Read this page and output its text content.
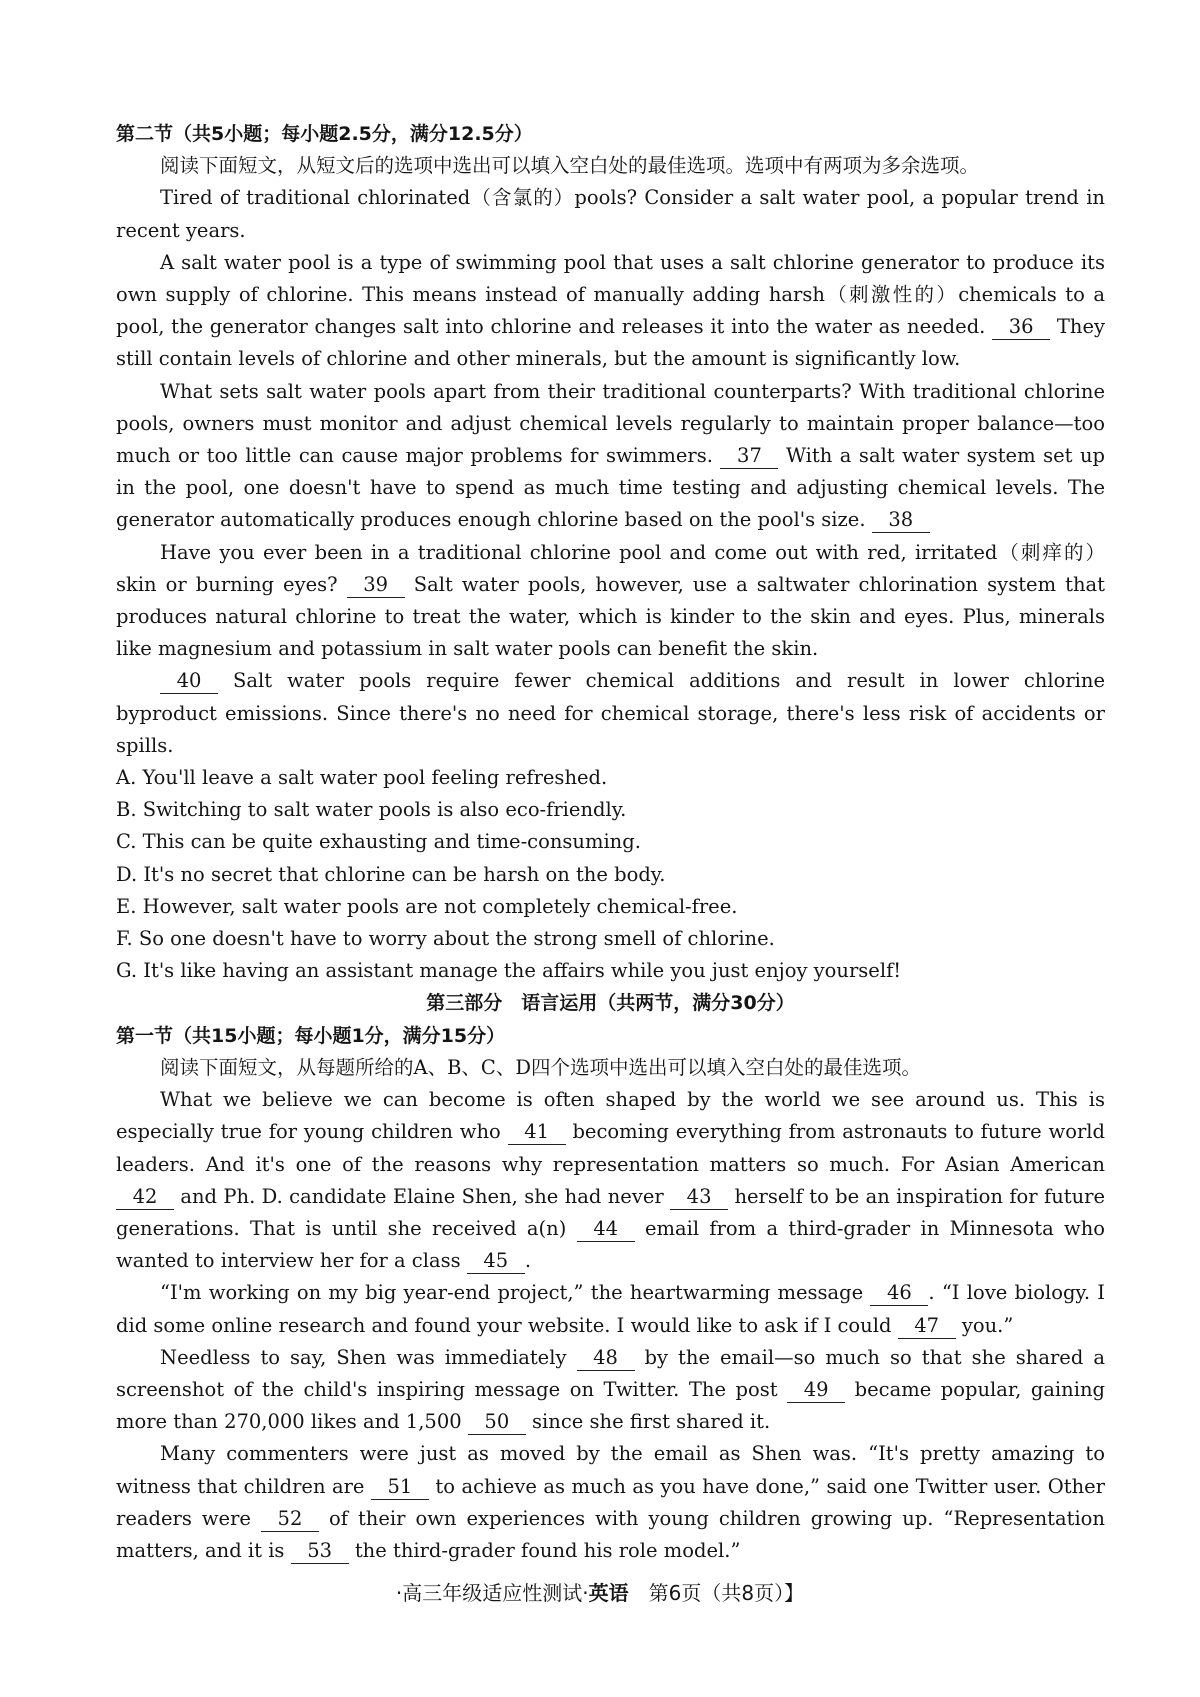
第二节（共5小题；每小题2.5分，满分12.5分）

阅读下面短文，从短文后的选项中选出可以填入空白处的最佳选项。选项中有两项为多余选项。

Tired of traditional chlorinated（含氯的）pools? Consider a salt water pool, a popular trend in recent years.

A salt water pool is a type of swimming pool that uses a salt chlorine generator to produce its own supply of chlorine. This means instead of manually adding harsh（刺激性的）chemicals to a pool, the generator changes salt into chlorine and releases it into the water as needed. 36 They still contain levels of chlorine and other minerals, but the amount is significantly low.

What sets salt water pools apart from their traditional counterparts? With traditional chlorine pools, owners must monitor and adjust chemical levels regularly to maintain proper balance—too much or too little can cause major problems for swimmers. 37 With a salt water system set up in the pool, one doesn't have to spend as much time testing and adjusting chemical levels. The generator automatically produces enough chlorine based on the pool's size. 38

Have you ever been in a traditional chlorine pool and come out with red, irritated（刺痒的）skin or burning eyes? 39 Salt water pools, however, use a saltwater chlorination system that produces natural chlorine to treat the water, which is kinder to the skin and eyes. Plus, minerals like magnesium and potassium in salt water pools can benefit the skin.

40 Salt water pools require fewer chemical additions and result in lower chlorine byproduct emissions. Since there's no need for chemical storage, there's less risk of accidents or spills.

A. You'll leave a salt water pool feeling refreshed.

B. Switching to salt water pools is also eco-friendly.

C. This can be quite exhausting and time-consuming.

D. It's no secret that chlorine can be harsh on the body.

E. However, salt water pools are not completely chemical-free.

F. So one doesn't have to worry about the strong smell of chlorine.

G. It's like having an assistant manage the affairs while you just enjoy yourself!

第三部分　语言运用（共两节，满分30分）
第一节（共15小题；每小题1分，满分15分）

阅读下面短文，从每题所给的A、B、C、D四个选项中选出可以填入空白处的最佳选项。

What we believe we can become is often shaped by the world we see around us. This is especially true for young children who 41 becoming everything from astronauts to future world leaders. And it's one of the reasons why representation matters so much. For Asian American 42 and Ph. D. candidate Elaine Shen, she had never 43 herself to be an inspiration for future generations. That is until she received a(n) 44 email from a third-grader in Minnesota who wanted to interview her for a class 45 .

“I'm working on my big year-end project,” the heartwarming message 46 . “I love biology. I did some online research and found your website. I would like to ask if I could 47 you.”

Needless to say, Shen was immediately 48 by the email—so much so that she shared a screenshot of the child's inspiring message on Twitter. The post 49 became popular, gaining more than 270,000 likes and 1,500 50 since she first shared it.

Many commenters were just as moved by the email as Shen was. “It's pretty amazing to witness that children are 51 to achieve as much as you have done,” said one Twitter user. Other readers were 52 of their own experiences with young children growing up. “Representation matters, and it is 53 the third-grader found his role model.”

·高三年级适应性测试·英语　 第6页（共8页）】
